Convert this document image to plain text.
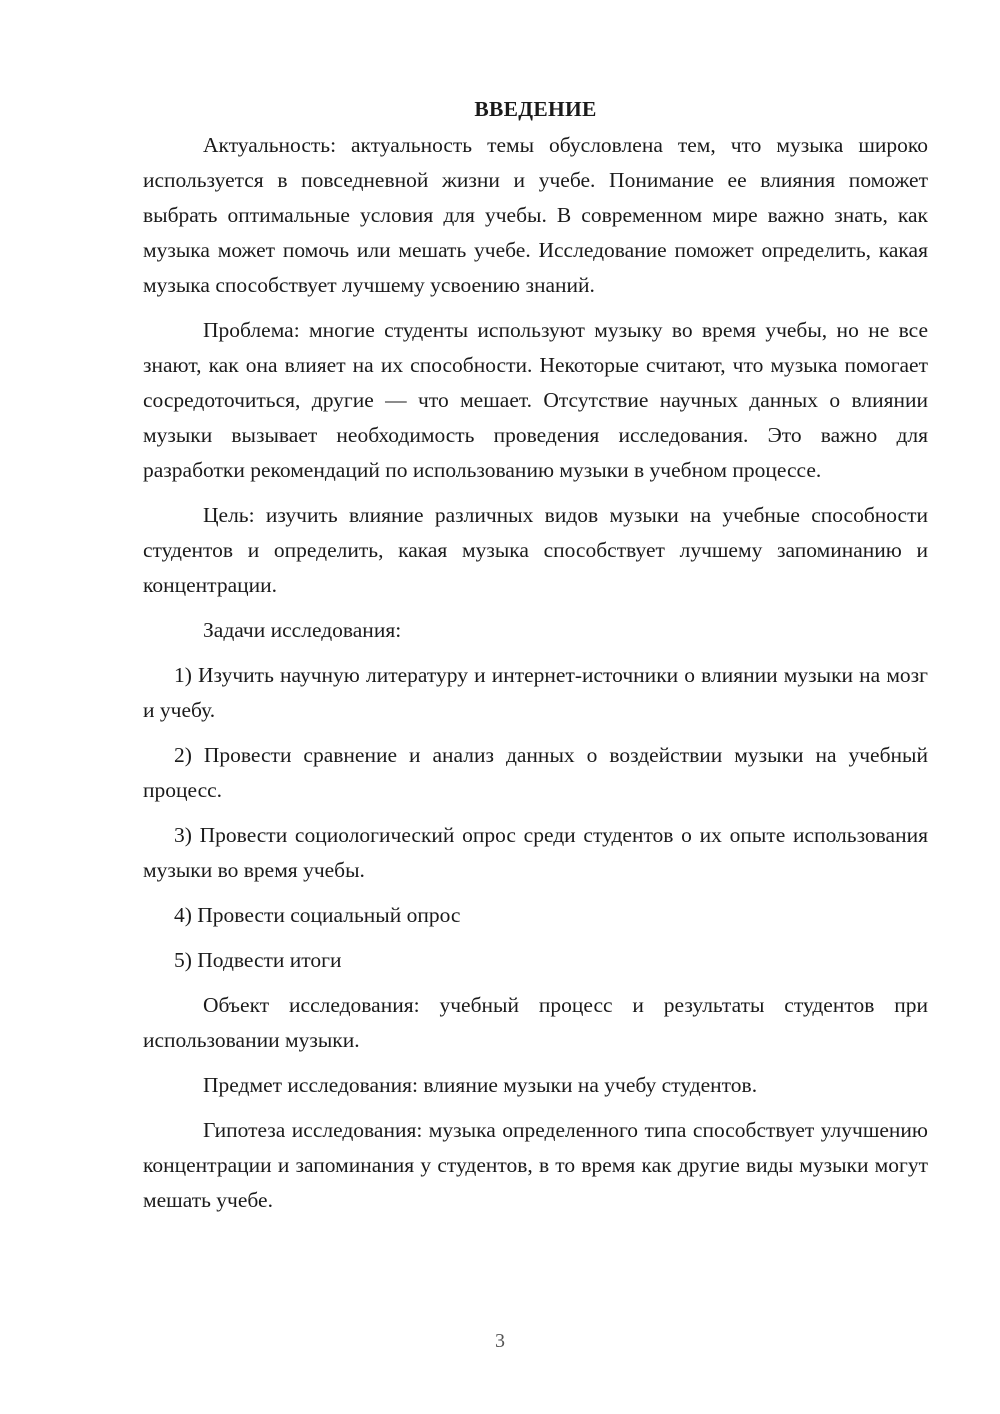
ВВЕДЕНИЕ

Актуальность: актуальность темы обусловлена тем, что музыка широко используется в повседневной жизни и учебе. Понимание ее влияния поможет выбрать оптимальные условия для учебы. В современном мире важно знать, как музыка может помочь или мешать учебе. Исследование поможет определить, какая музыка способствует лучшему усвоению знаний.

Проблема: многие студенты используют музыку во время учебы, но не все знают, как она влияет на их способности. Некоторые считают, что музыка помогает сосредоточиться, другие — что мешает. Отсутствие научных данных о влиянии музыки вызывает необходимость проведения исследования. Это важно для разработки рекомендаций по использованию музыки в учебном процессе.

Цель: изучить влияние различных видов музыки на учебные способности студентов и определить, какая музыка способствует лучшему запоминанию и концентрации.

Задачи исследования:

1) Изучить научную литературу и интернет-источники о влиянии музыки на мозг и учебу.

2) Провести сравнение и анализ данных о воздействии музыки на учебный процесс.

3) Провести социологический опрос среди студентов о их опыте использования музыки во время учебы.

4) Провести социальный опрос

5) Подвести итоги

Объект исследования: учебный процесс и результаты студентов при использовании музыки.

Предмет исследования: влияние музыки на учебу студентов.

Гипотеза исследования: музыка определенного типа способствует улучшению концентрации и запоминания у студентов, в то время как другие виды музыки могут мешать учебе.

3
